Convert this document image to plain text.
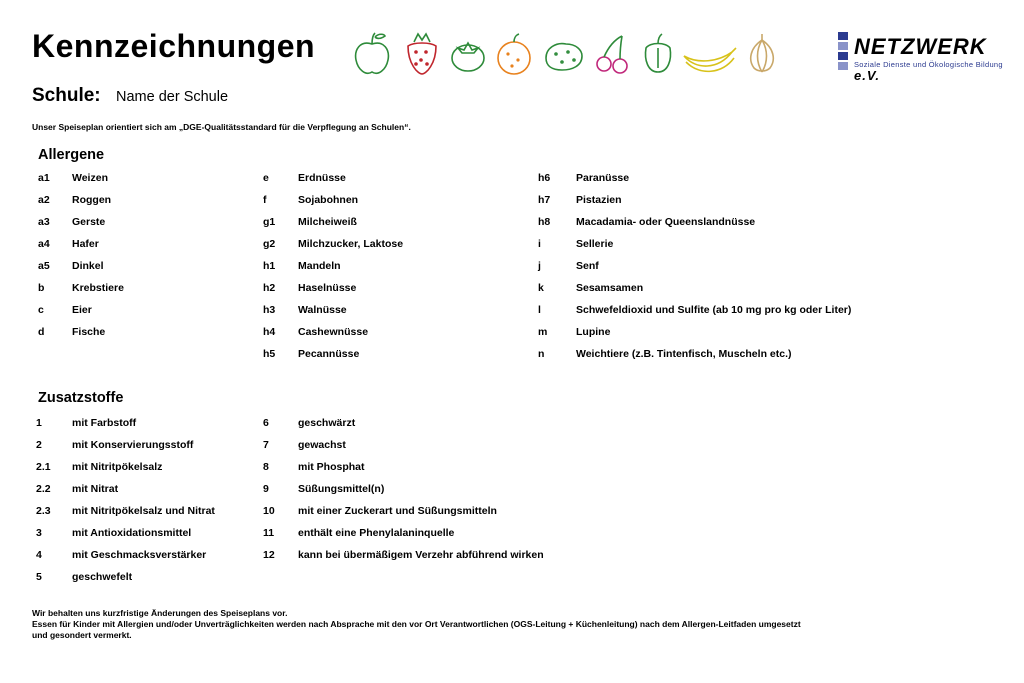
Kennzeichnungen	NETZWERK e.V.
Soziale Dienste und Ökologische Bildung
Schule: Name der Schule
Unser Speiseplan orientiert sich am „DGE-Qualitätsstandard für die Verpflegung an Schulen“.
Allergene
a1 Weizen
a2 Roggen
a3 Gerste
a4 Hafer
a5 Dinkel
b	Krebstiere
c	Eier
d	Fische
e	Erdnüsse
f	Sojabohnen
g1 Milcheiweiß
g2 Milchzucker, Laktose
h1 Mandeln
h2 Haselnüsse
h3 Walnüsse
h4 Cashewnüsse
h5 Pecannüsse
h6 Paranüsse
h7 Pistazien
h8 Macadamia- oder Queenslandnüsse
i	Sellerie
j	Senf
k	Sesamsamen
l	Schwefeldioxid und Sulfite (ab 10 mg pro kg oder Liter)
m	Lupine
n	Weichtiere (z.B. Tintenfisch, Muscheln etc.)
Zusatzstoffe
1	mit Farbstoff
2	mit Konservierungsstoff
2.1 mit Nitritpökelsalz
2.2 mit Nitrat
2.3 mit Nitritpökelsalz und Nitrat
3	mit Antioxidationsmittel
4	mit Geschmacksverstärker
5	geschwefelt
6	geschwärzt
7	gewachst
8	mit Phosphat
9	Süßungsmittel(n)
10 mit einer Zuckerart und Süßungsmitteln
11 enthält eine Phenylalaninquelle
12 kann bei übermäßigem Verzehr abführend wirken
Wir behalten uns kurzfristige Änderungen des Speiseplans vor.
Essen für Kinder mit Allergien und/oder Unverträglichkeiten werden nach Absprache mit den vor Ort Verantwortlichen (OGS-Leitung + Küchenleitung) nach dem Allergen-Leitfaden umgesetzt
und gesondert vermerkt.
